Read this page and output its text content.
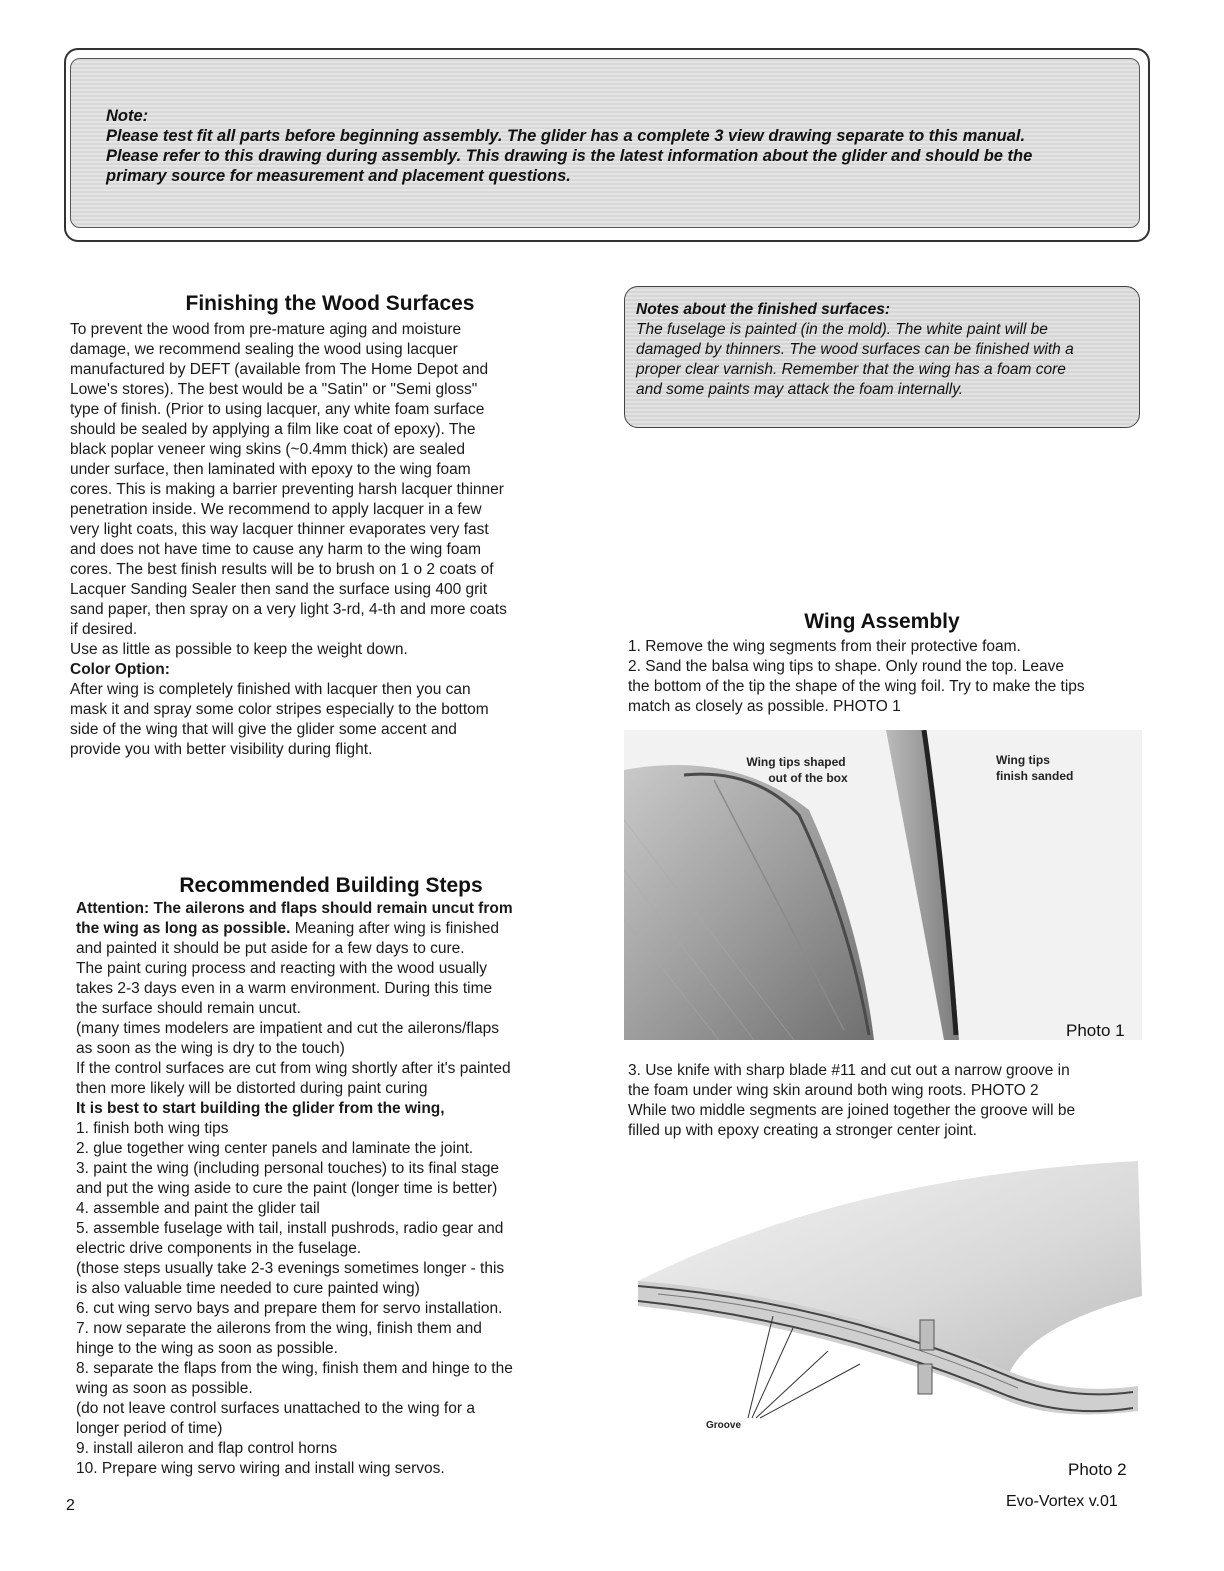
Note:

Please test fit all parts before beginning assembly. The glider has a complete 3 view drawing separate to this manual.

Please refer to this drawing during assembly. This drawing is the latest information about the glider and should be the

primary source for measurement and placement questions.

Finishing the Wood Surfaces

To prevent the wood from pre-mature aging and moisture

damage, we recommend sealing the wood using lacquer

manufactured by DEFT (available from The Home Depot and

Lowe's stores). The best would be a "Satin" or "Semi gloss"

type of finish. (Prior to using lacquer, any white foam surface

should be sealed by applying a film like coat of epoxy). The

black poplar veneer wing skins (~0.4mm thick) are sealed

under surface, then laminated with epoxy to the wing foam

cores. This is making a barrier preventing harsh lacquer thinner

penetration inside. We recommend to apply lacquer in a few

very light coats, this way lacquer thinner evaporates very fast

and does not have time to cause any harm to the wing foam

cores. The best finish results will be to brush on 1 o 2 coats of

Lacquer Sanding Sealer then sand the surface using 400 grit

sand paper, then spray on a very light 3-rd, 4-th and more coats

if desired.

Use as little as possible to keep the weight down.

Color Option:

After wing is completely finished with lacquer then you can

mask it and spray some color stripes especially to the bottom

side of the wing that will give the glider some accent and

provide you with better visibility during flight.

Notes about the finished surfaces:

The fuselage is painted (in the mold). The white paint will be

damaged by thinners. The wood surfaces can be finished with a

proper clear varnish. Remember that the wing has a foam core

and some paints may attack the foam internally.

Wing Assembly

1. Remove the wing segments from their protective foam.

2. Sand the balsa wing tips to shape. Only round the top. Leave

the bottom of the tip the shape of the wing foil. Try to make the tips

match as closely as possible. PHOTO 1

Wing tips shaped
out of the box
Wing tips
finish sanded
Photo 1

3. Use knife with sharp blade #11 and cut out a narrow groove in

the foam under wing skin around both wing roots. PHOTO 2

While two middle segments are joined together the groove will be

filled up with epoxy creating a stronger center joint.

Groove
Photo 2
Recommended Building Steps

Attention: The ailerons and flaps should remain uncut from

the wing as long as possible. Meaning after wing is finished

and painted it should be put aside for a few days to cure.

The paint curing process and reacting with the wood usually

takes 2-3 days even in a warm environment. During this time

the surface should remain uncut.

(many times modelers are impatient and cut the ailerons/flaps

as soon as the wing is dry to the touch)

If the control surfaces are cut from wing shortly after it's painted

then more likely will be distorted during paint curing

It is best to start building the glider from the wing,

1. finish both wing tips

2. glue together wing center panels and laminate the joint.

3. paint the wing (including personal touches) to its final stage

and put the wing aside to cure the paint (longer time is better)

4. assemble and paint the glider tail

5. assemble fuselage with tail, install pushrods, radio gear and

electric drive components in the fuselage.

(those steps usually take 2-3 evenings sometimes longer - this

is also valuable time needed to cure painted wing)

6. cut wing servo bays and prepare them for servo installation.

7. now separate the ailerons from the wing, finish them and

hinge to the wing as soon as possible.

8. separate the flaps from the wing, finish them and hinge to the

wing as soon as possible.

(do not leave control surfaces unattached to the wing for a

longer period of time)

9. install aileron and flap control horns

10. Prepare wing servo wiring and install wing servos.

2	Evo-Vortex v.01
